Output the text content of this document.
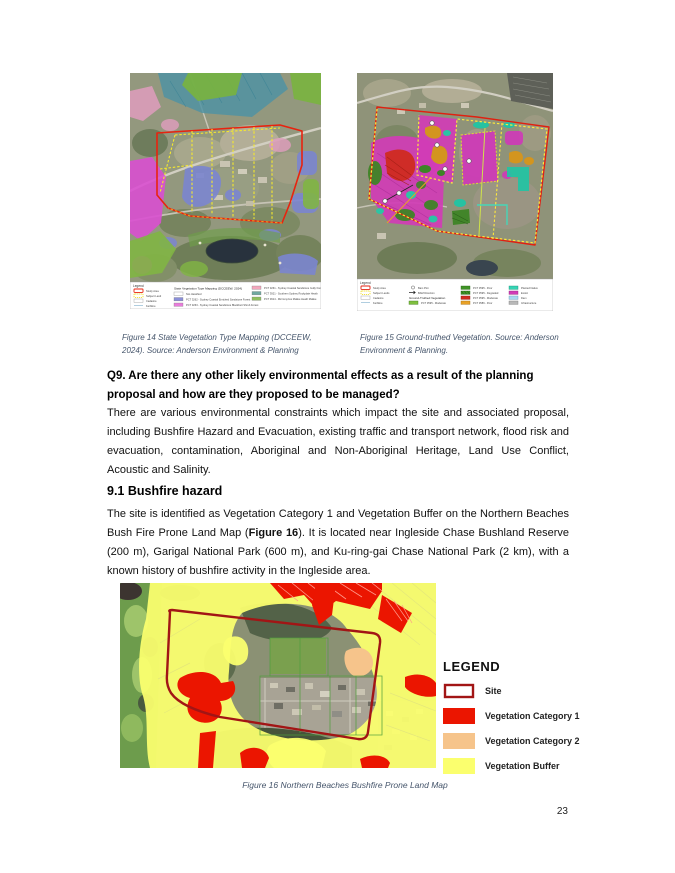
Legend
Study Area
Subject Land
Cadastre
Kerbline
State Vegetation Type Mapping (DCCEEW, 2024)
Not classified
PCT 3262 - Sydney Coastal Enriched Sandstone Forest
PCT 3263 - Sydney Coastal Sandstone Blackbutt Shrub Forest
PCT 3261 - Sydney Coastal Sandstone Gully Forest
PCT 3921 - Southern Sydney Rockplate Heath
PCT 3914 - Micromyrtus Mallee Heath Mallee
Legend
Study Area
Subject Lands
Cadastre
Kerbline
Bam Plot
BAM Direction
Ground-Truthed Vegetation
PCT 3595 - Moderate
PCT 3595 - Poor
PCT 3595 - Degraded
PCT 3595 - Moderate
PCT 3586 - Poor
Planted Native
Exotic
Dam
Infrastructure
Figure 14 State Vegetation Type Mapping (DCCEEW, 2024). Source: Anderson Environment & Planning
Figure 15 Ground-truthed Vegetation. Source: Anderson Environment & Planning.
Q9. Are there any other likely environmental effects as a result of the planning proposal and how are they proposed to be managed?

There are various environmental constraints which impact the site and associated proposal, including Bushfire Hazard and Evacuation, existing traffic and transport network, flood risk and evacuation, contamination, Aboriginal and Non-Aboriginal Heritage, Land Use Conflict, Acoustic and Salinity.

9.1 Bushfire hazard

The site is identified as Vegetation Category 1 and Vegetation Buffer on the Northern Beaches Bush Fire Prone Land Map (Figure 16). It is located near Ingleside Chase Bushland Reserve (200 m), Garigal National Park (600 m), and Ku-ring-gai Chase National Park (2 km), with a known history of bushfire activity in the Ingleside area.

LEGEND
Site
Vegetation Category 1
Vegetation Category 2
Vegetation Buffer
Figure 16 Northern Beaches Bushfire Prone Land Map
23
